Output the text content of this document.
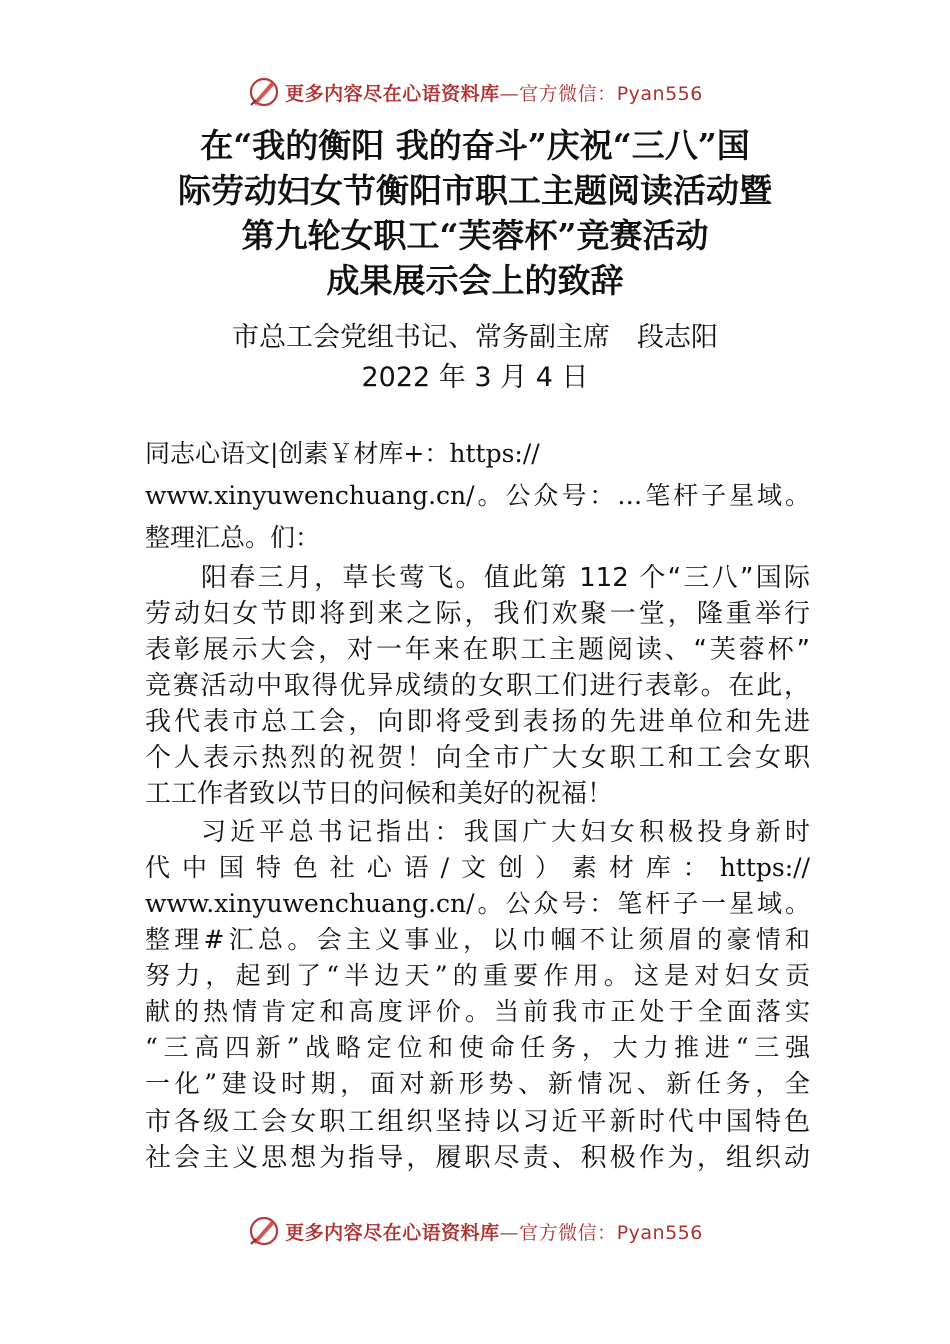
更多内容尽在心语资料库—官方微信：Pyan556
在“我的衡阳 我的奋斗”庆祝“三八”国
际劳动妇女节衡阳市职工主题阅读活动暨
第九轮女职工“芙蓉杯”竞赛活动
成果展示会上的致辞
市总工会党组书记、常务副主席　段志阳
2022 年 3 月 4 日
同志心语文|创素￥材库+：https://
www.xinyuwenchuang.cn/。公众号：…笔杆子星域。
整理汇总。们：
阳春三月，草长莺飞。值此第 112 个“三八”国际
劳动妇女节即将到来之际，我们欢聚一堂，隆重举行
表彰展示大会，对一年来在职工主题阅读、“芙蓉杯”
竞赛活动中取得优异成绩的女职工们进行表彰。在此，
我代表市总工会，向即将受到表扬的先进单位和先进
个人表示热烈的祝贺！向全市广大女职工和工会女职
工工作者致以节日的问候和美好的祝福！
习近平总书记指出：我国广大妇女积极投身新时
代中国特色社心语/文创）素材库：https://
www.xinyuwenchuang.cn/。公众号：笔杆子一星域。
整理#汇总。会主义事业，以巾帼不让须眉的豪情和
努力，起到了“半边天”的重要作用。这是对妇女贡
献的热情肯定和高度评价。当前我市正处于全面落实
“三高四新”战略定位和使命任务，大力推进“三强
一化”建设时期，面对新形势、新情况、新任务，全
市各级工会女职工组织坚持以习近平新时代中国特色
社会主义思想为指导，履职尽责、积极作为，组织动
更多内容尽在心语资料库—官方微信：Pyan556
